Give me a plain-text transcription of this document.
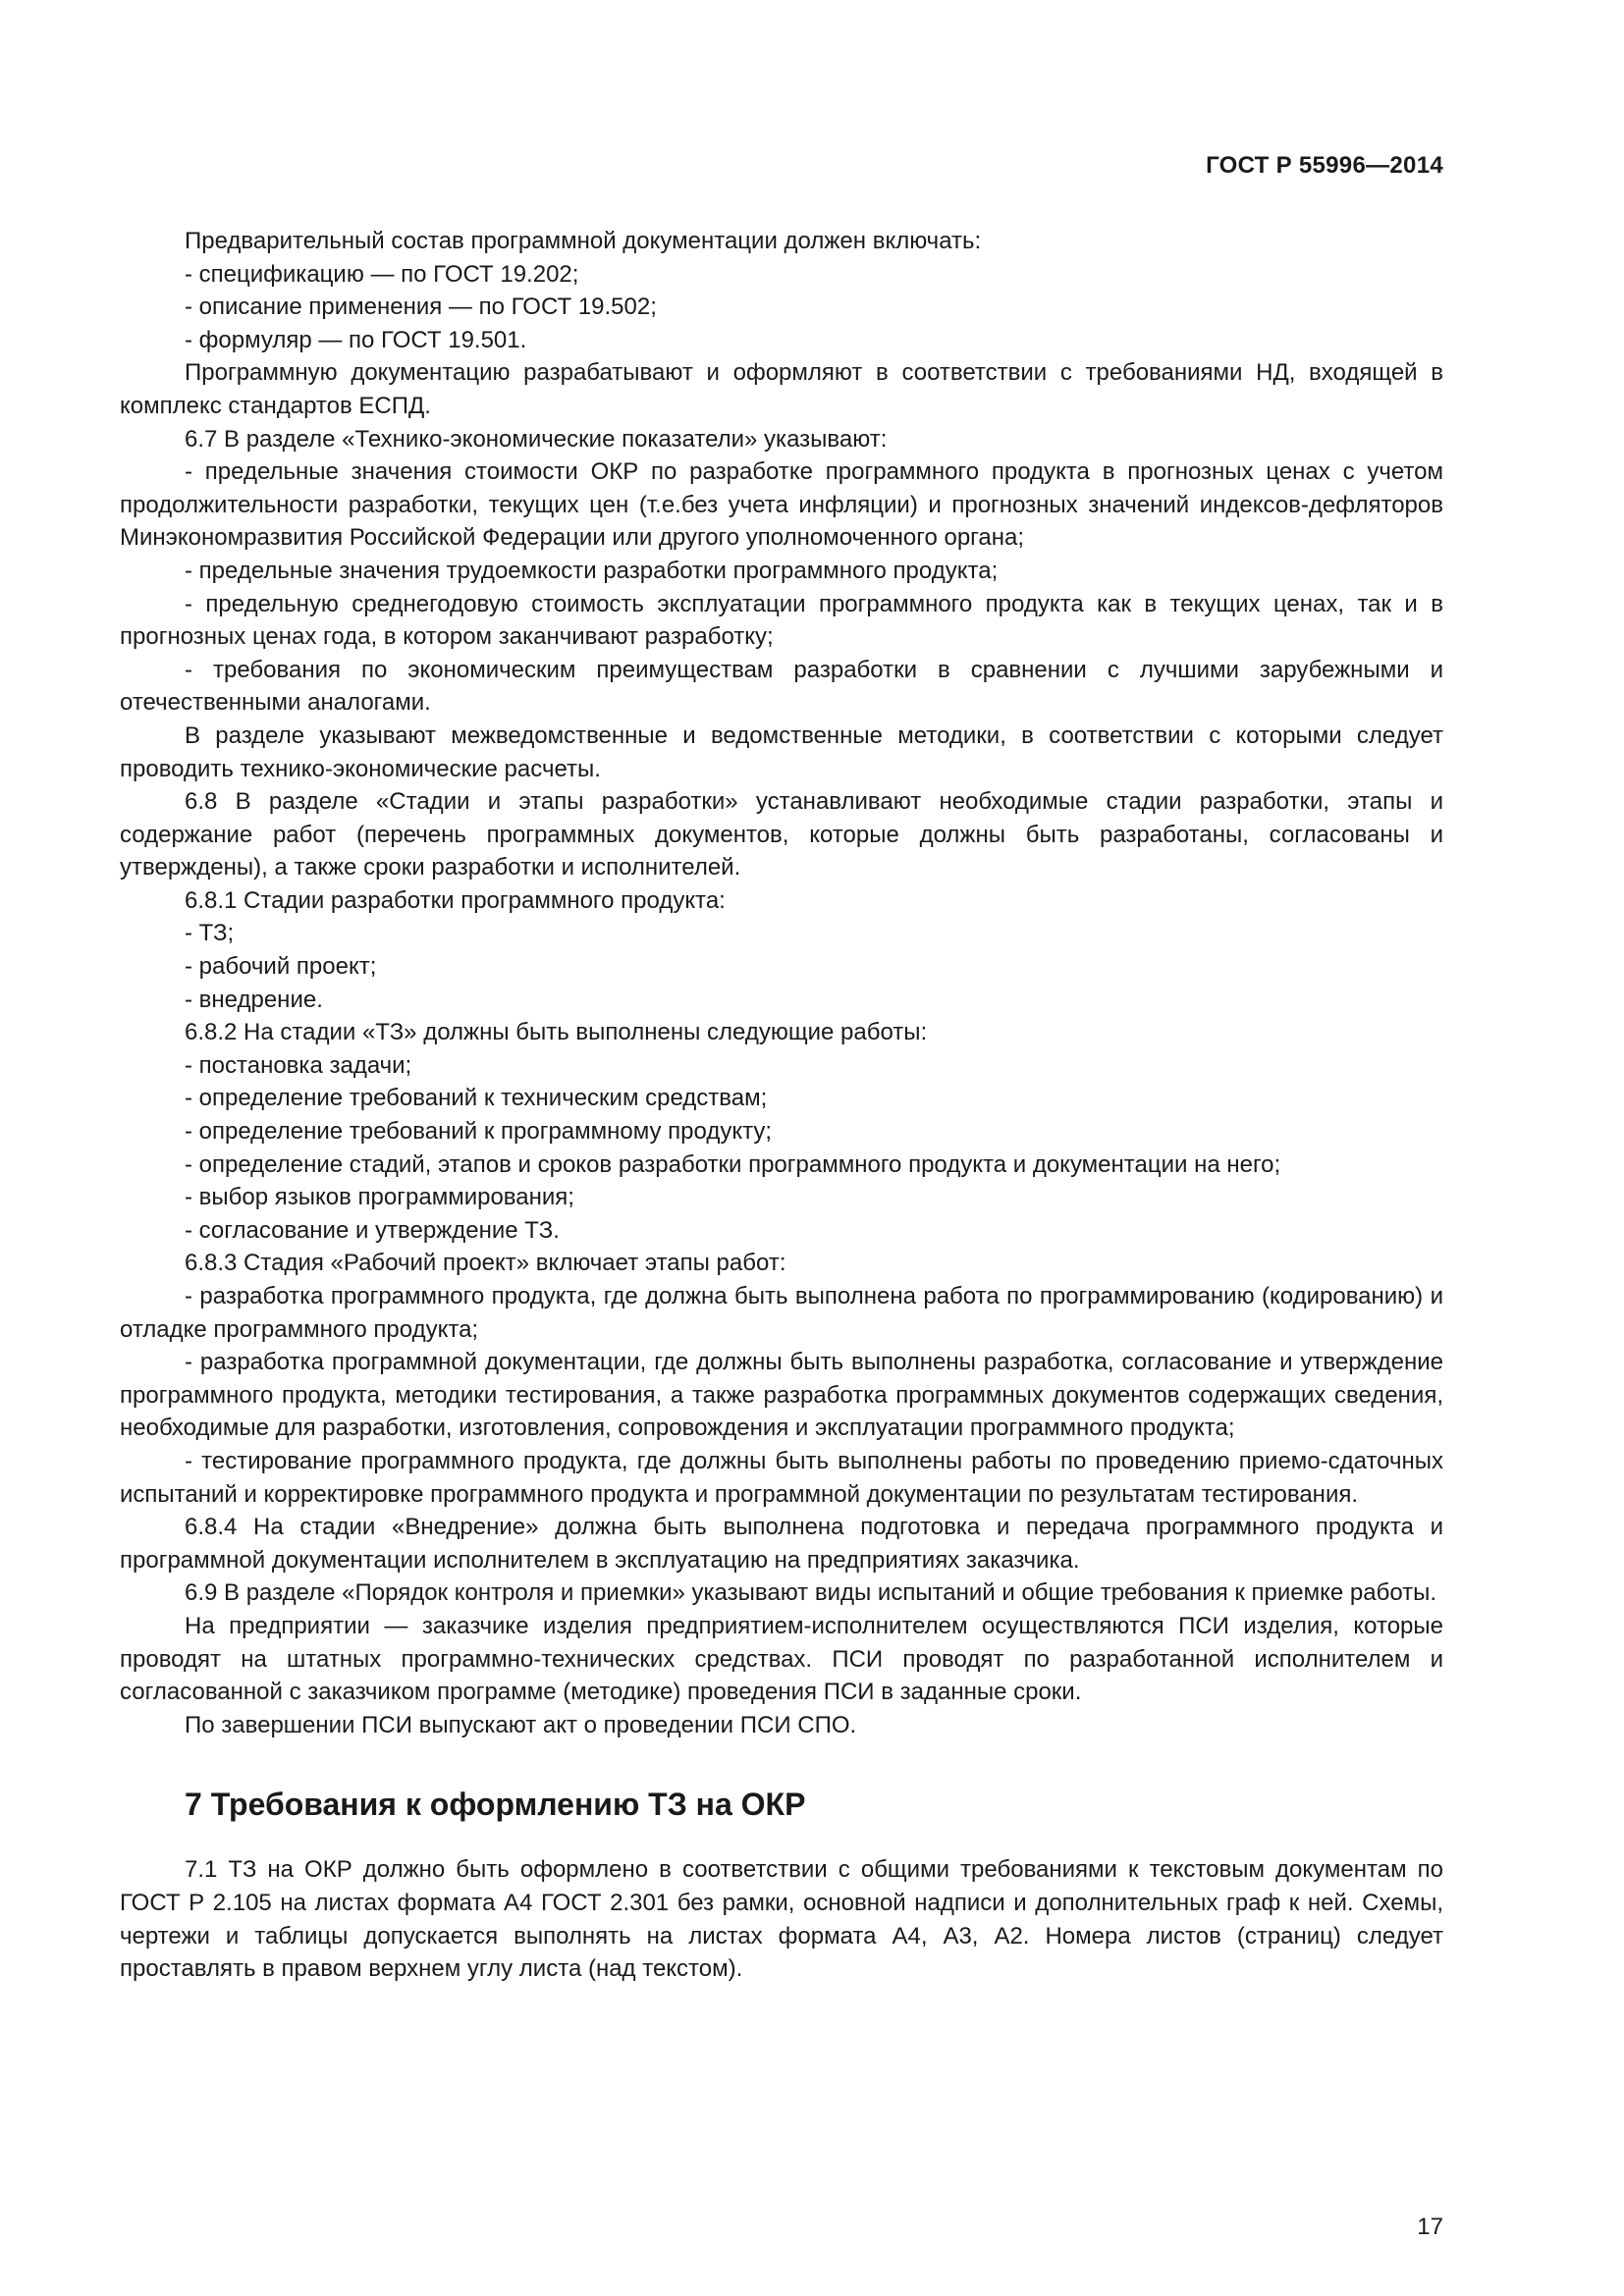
ГОСТ Р 55996—2014

Предварительный состав программной документации должен включать:

- спецификацию — по ГОСТ 19.202;

- описание применения — по ГОСТ 19.502;

- формуляр — по ГОСТ 19.501.

Программную документацию разрабатывают и оформляют в соответствии с требованиями НД, входящей в комплекс стандартов ЕСПД.

6.7 В разделе «Технико-экономические показатели» указывают:

- предельные значения стоимости ОКР по разработке программного продукта в прогнозных ценах с учетом продолжительности разработки, текущих цен (т.е.без учета инфляции) и прогнозных значений индексов-дефляторов Минэкономразвития Российской Федерации или другого уполномоченного органа;

- предельные значения трудоемкости разработки программного продукта;

- предельную среднегодовую стоимость эксплуатации программного продукта как в текущих ценах, так и в прогнозных ценах года, в котором заканчивают разработку;

- требования по экономическим преимуществам разработки в сравнении с лучшими зарубежными и отечественными аналогами.

В разделе указывают межведомственные и ведомственные методики, в соответствии с которыми следует проводить технико-экономические расчеты.

6.8 В разделе «Стадии и этапы разработки» устанавливают необходимые стадии разработки, этапы и содержание работ (перечень программных документов, которые должны быть разработаны, согласованы и утверждены), а также сроки разработки и исполнителей.

6.8.1 Стадии разработки программного продукта:

- ТЗ;

- рабочий проект;

- внедрение.

6.8.2 На стадии «ТЗ» должны быть выполнены следующие работы:

- постановка задачи;

- определение требований к техническим средствам;

- определение требований к программному продукту;

- определение стадий, этапов и сроков разработки программного продукта и документации на него;

- выбор языков программирования;

- согласование и утверждение ТЗ.

6.8.3 Стадия «Рабочий проект» включает этапы работ:

- разработка программного продукта, где должна быть выполнена работа по программированию (кодированию) и отладке программного продукта;

- разработка программной документации, где должны быть выполнены разработка, согласование и утверждение программного продукта, методики тестирования, а также разработка программных документов содержащих сведения, необходимые для разработки, изготовления, сопровождения и эксплуатации программного продукта;

- тестирование программного продукта, где должны быть выполнены работы по проведению приемо-сдаточных испытаний и корректировке программного продукта и программной документации по результатам тестирования.

6.8.4 На стадии «Внедрение» должна быть выполнена подготовка и передача программного продукта и программной документации исполнителем в эксплуатацию на предприятиях заказчика.

6.9 В разделе «Порядок контроля и приемки» указывают виды испытаний и общие требования к приемке работы.

На предприятии — заказчике изделия предприятием-исполнителем осуществляются ПСИ изделия, которые проводят на штатных программно-технических средствах. ПСИ проводят по разработанной исполнителем и согласованной с заказчиком программе (методике) проведения ПСИ в заданные сроки.

По завершении ПСИ выпускают акт о проведении ПСИ СПО.

7 Требования к оформлению ТЗ на ОКР

7.1 ТЗ на ОКР должно быть оформлено в соответствии с общими требованиями к текстовым документам по ГОСТ Р 2.105 на листах формата А4 ГОСТ 2.301 без рамки, основной надписи и дополнительных граф к ней. Схемы, чертежи и таблицы допускается выполнять на листах формата А4, А3, А2. Номера листов (страниц) следует проставлять в правом верхнем углу листа (над текстом).

17
